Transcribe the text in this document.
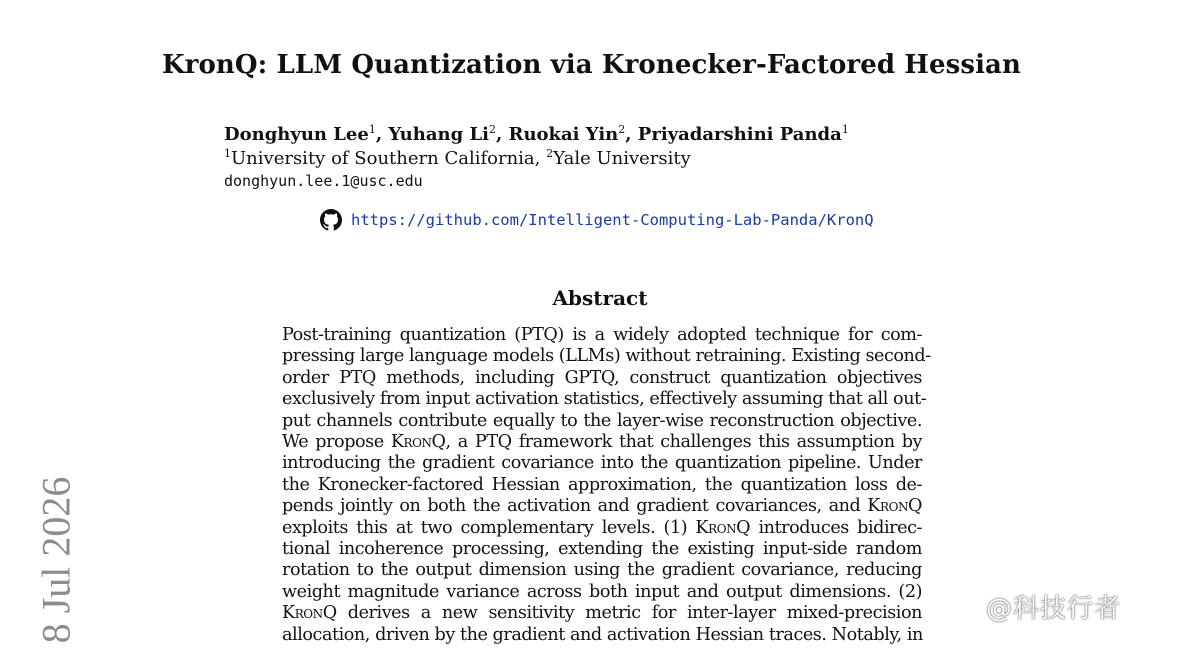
KronQ: LLM Quantization via Kronecker-Factored Hessian
Donghyun Lee$^1$, Yuhang Li$^2$, Ruokai Yin$^2$, Priyadarshini Panda$^1$
$^1$University of Southern California, $^2$Yale University
donghyun.lee.1@usc.edu
https://github.com/Intelligent-Computing-Lab-Panda/KronQ
Abstract
Post-training quantization (PTQ) is a widely adopted technique for com-
pressing large language models (LLMs) without retraining. Existing second-
order PTQ methods, including GPTQ, construct quantization objectives
exclusively from input activation statistics, effectively assuming that all out-
put channels contribute equally to the layer-wise reconstruction objective.
We propose KronQ, a PTQ framework that challenges this assumption by
introducing the gradient covariance into the quantization pipeline. Under
the Kronecker-factored Hessian approximation, the quantization loss de-
pends jointly on both the activation and gradient covariances, and KronQ
exploits this at two complementary levels. (1) KronQ introduces bidirec-
tional incoherence processing, extending the existing input-side random
rotation to the output dimension using the gradient covariance, reducing
weight magnitude variance across both input and output dimensions. (2)
KronQ derives a new sensitivity metric for inter-layer mixed-precision
allocation, driven by the gradient and activation Hessian traces. Notably, in
8 Jul 2026	@科技行者
